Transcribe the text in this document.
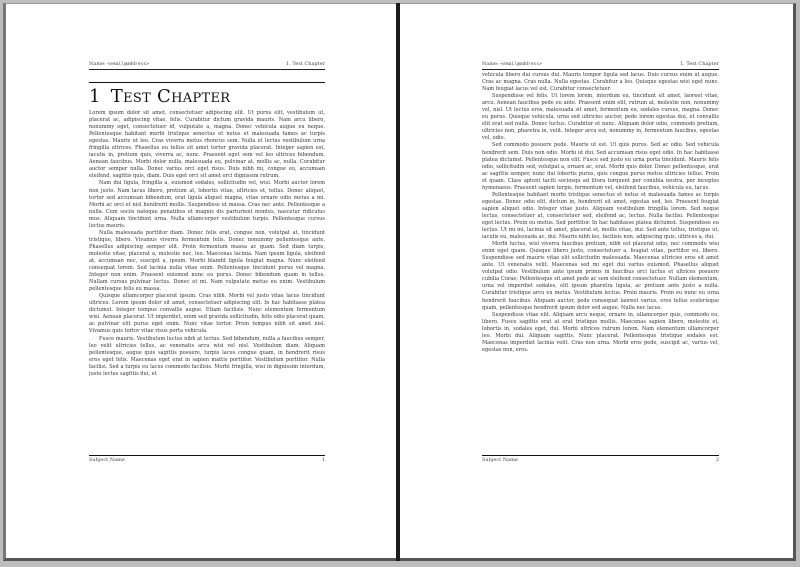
Name: <email@address>	1. Test Chapter
1 Test Chapter

Lorem ipsum dolor sit amet, consectetuer adipiscing elit. Ut purus elit, vestibulum ut, placerat ac, adipiscing vitae, felis. Curabitur dictum gravida mauris. Nam arcu libero, nonummy eget, consectetuer id, vulputate a, magna. Donec vehicula augue eu neque. Pellentesque habitant morbi tristique senectus et netus et malesuada fames ac turpis egestas. Mauris ut leo. Cras viverra metus rhoncus sem. Nulla et lectus vestibulum urna fringilla ultrices. Phasellus eu tellus sit amet tortor gravida placerat. Integer sapien est, iaculis in, pretium quis, viverra ac, nunc. Praesent eget sem vel leo ultrices bibendum. Aenean faucibus. Morbi dolor nulla, malesuada eu, pulvinar at, mollis ac, nulla. Curabitur auctor semper nulla. Donec varius orci eget risus. Duis nibh mi, congue eu, accumsan eleifend, sagittis quis, diam. Duis eget orci sit amet orci dignissim rutrum.

Nam dui ligula, fringilla a, euismod sodales, sollicitudin vel, wisi. Morbi auctor lorem non justo. Nam lacus libero, pretium at, lobortis vitae, ultricies et, tellus. Donec aliquet, tortor sed accumsan bibendum, erat ligula aliquet magna, vitae ornare odio metus a mi. Morbi ac orci et nisl hendrerit mollis. Suspendisse ut massa. Cras nec ante. Pellentesque a nulla. Cum sociis natoque penatibus et magnis dis parturient montes, nascetur ridiculus mus. Aliquam tincidunt urna. Nulla ullamcorper vestibulum turpis. Pellentesque cursus luctus mauris.

Nulla malesuada porttitor diam. Donec felis erat, congue non, volutpat at, tincidunt tristique, libero. Vivamus viverra fermentum felis. Donec nonummy pellentesque ante. Phasellus adipiscing semper elit. Proin fermentum massa ac quam. Sed diam turpis, molestie vitae, placerat a, molestie nec, leo. Maecenas lacinia. Nam ipsum ligula, eleifend at, accumsan nec, suscipit a, ipsum. Morbi blandit ligula feugiat magna. Nunc eleifend consequat lorem. Sed lacinia nulla vitae enim. Pellentesque tincidunt purus vel magna. Integer non enim. Praesent euismod nunc eu purus. Donec bibendum quam in tellus. Nullam cursus pulvinar lectus. Donec et mi. Nam vulputate metus eu enim. Vestibulum pellentesque felis eu massa.

Quisque ullamcorper placerat ipsum. Cras nibh. Morbi vel justo vitae lacus tincidunt ultrices. Lorem ipsum dolor sit amet, consectetuer adipiscing elit. In hac habitasse platea dictumst. Integer tempus convallis augue. Etiam facilisis. Nunc elementum fermentum wisi. Aenean placerat. Ut imperdiet, enim sed gravida sollicitudin, felis odio placerat quam, ac pulvinar elit purus eget enim. Nunc vitae tortor. Proin tempus nibh sit amet nisl. Vivamus quis tortor vitae risus porta vehicula.

Fusce mauris. Vestibulum luctus nibh at lectus. Sed bibendum, nulla a faucibus semper, leo velit ultricies tellus, ac venenatis arcu wisi vel nisl. Vestibulum diam. Aliquam pellentesque, augue quis sagittis posuere, turpis lacus congue quam, in hendrerit risus eros eget felis. Maecenas eget erat in sapien mattis porttitor. Vestibulum porttitor. Nulla facilisi. Sed a turpis eu lacus commodo facilisis. Morbi fringilla, wisi in dignissim interdum, justo lectus sagittis dui, et

Subject Name	1
Name: <email@address>	1. Test Chapter

vehicula libero dui cursus dui. Mauris tempor ligula sed lacus. Duis cursus enim ut augue. Cras ac magna. Cras nulla. Nulla egestas. Curabitur a leo. Quisque egestas wisi eget nunc. Nam feugiat lacus vel est. Curabitur consectetuer.

Suspendisse vel felis. Ut lorem lorem, interdum eu, tincidunt sit amet, laoreet vitae, arcu. Aenean faucibus pede eu ante. Praesent enim elit, rutrum at, molestie non, nonummy vel, nisl. Ut lectus eros, malesuada sit amet, fermentum eu, sodales cursus, magna. Donec eu purus. Quisque vehicula, urna sed ultricies auctor, pede lorem egestas dui, et convallis elit erat sed nulla. Donec luctus. Curabitur et nunc. Aliquam dolor odio, commodo pretium, ultricies non, pharetra in, velit. Integer arcu est, nonummy in, fermentum faucibus, egestas vel, odio.

Sed commodo posuere pede. Mauris ut est. Ut quis purus. Sed ac odio. Sed vehicula hendrerit sem. Duis non odio. Morbi ut dui. Sed accumsan risus eget odio. In hac habitasse platea dictumst. Pellentesque non elit. Fusce sed justo eu urna porta tincidunt. Mauris felis odio, sollicitudin sed, volutpat a, ornare ac, erat. Morbi quis dolor. Donec pellentesque, erat ac sagittis semper, nunc dui lobortis purus, quis congue purus metus ultricies tellus. Proin et quam. Class aptent taciti sociosqu ad litora torquent per conubia nostra, per inceptos hymenaeos. Praesent sapien turpis, fermentum vel, eleifend faucibus, vehicula eu, lacus.

Pellentesque habitant morbi tristique senectus et netus et malesuada fames ac turpis egestas. Donec odio elit, dictum in, hendrerit sit amet, egestas sed, leo. Praesent feugiat sapien aliquet odio. Integer vitae justo. Aliquam vestibulum fringilla lorem. Sed neque lectus, consectetuer at, consectetuer sed, eleifend ac, lectus. Nulla facilisi. Pellentesque eget lectus. Proin eu metus. Sed porttitor. In hac habitasse platea dictumst. Suspendisse eu lectus. Ut mi mi, lacinia sit amet, placerat et, mollis vitae, dui. Sed ante tellus, tristique ut, iaculis eu, malesuada ac, dui. Mauris nibh leo, facilisis non, adipiscing quis, ultrices a, dui.

Morbi luctus, wisi viverra faucibus pretium, nibh est placerat odio, nec commodo wisi enim eget quam. Quisque libero justo, consectetuer a, feugiat vitae, porttitor eu, libero. Suspendisse sed mauris vitae elit sollicitudin malesuada. Maecenas ultricies eros sit amet ante. Ut venenatis velit. Maecenas sed mi eget dui varius euismod. Phasellus aliquet volutpat odio. Vestibulum ante ipsum primis in faucibus orci luctus et ultrices posuere cubilia Curae; Pellentesque sit amet pede ac sem eleifend consectetuer. Nullam elementum, urna vel imperdiet sodales, elit ipsum pharetra ligula, ac pretium ante justo a nulla. Curabitur tristique arcu eu metus. Vestibulum lectus. Proin mauris. Proin eu nunc eu urna hendrerit faucibus. Aliquam auctor, pede consequat laoreet varius, eros tellus scelerisque quam, pellentesque hendrerit ipsum dolor sed augue. Nulla nec lacus.

Suspendisse vitae elit. Aliquam arcu neque, ornare in, ullamcorper quis, commodo eu, libero. Fusce sagittis erat at erat tristique mollis. Maecenas sapien libero, molestie et, lobortis in, sodales eget, dui. Morbi ultrices rutrum lorem. Nam elementum ullamcorper leo. Morbi dui. Aliquam sagittis. Nunc placerat. Pellentesque tristique sodales est. Maecenas imperdiet lacinia velit. Cras non urna. Morbi eros pede, suscipit ac, varius vel, egestas non, eros.

Subject Name	2
